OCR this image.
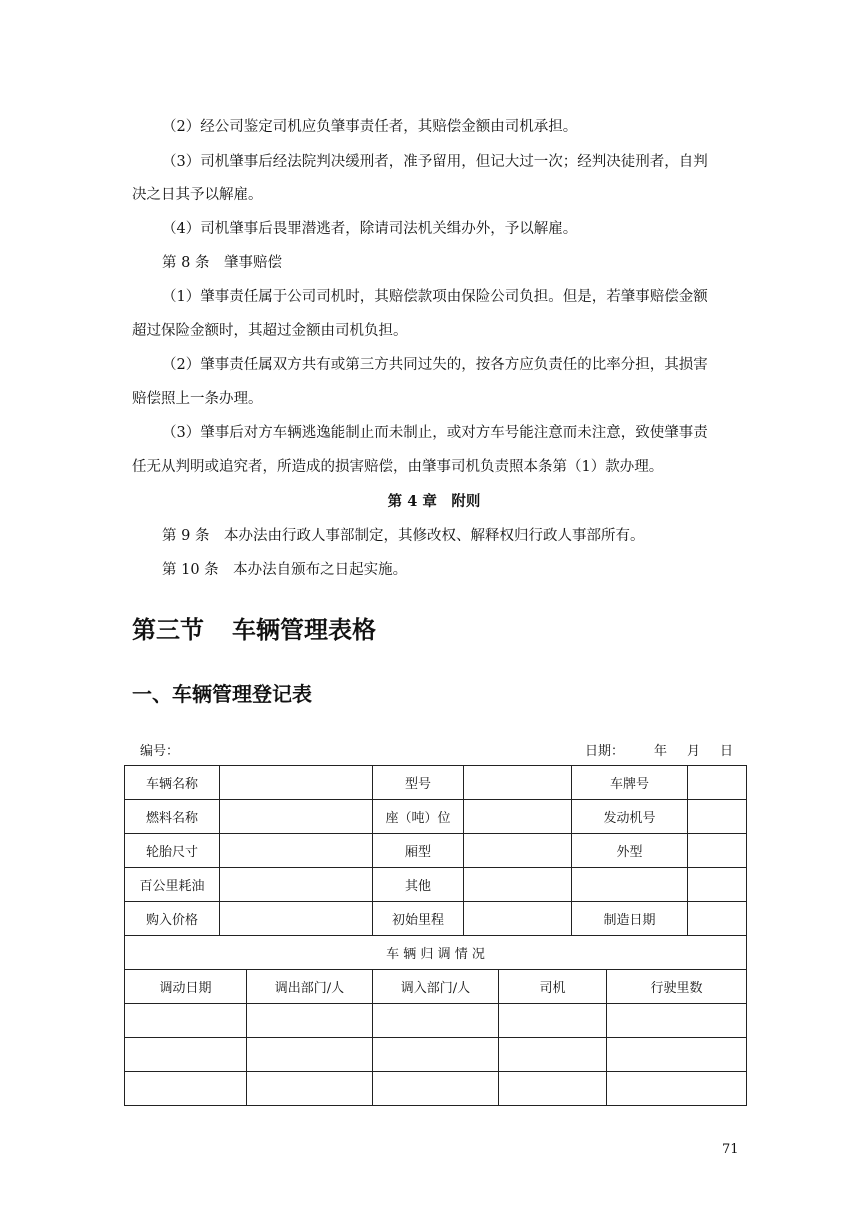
（2）经公司鉴定司机应负肇事责任者，其赔偿金额由司机承担。
（3）司机肇事后经法院判决缓刑者，准予留用，但记大过一次；经判决徒刑者，自判
决之日其予以解雇。
（4）司机肇事后畏罪潜逃者，除请司法机关缉办外，予以解雇。
第 8 条　肇事赔偿
（1）肇事责任属于公司司机时，其赔偿款项由保险公司负担。但是，若肇事赔偿金额
超过保险金额时，其超过金额由司机负担。
（2）肇事责任属双方共有或第三方共同过失的，按各方应负责任的比率分担，其损害
赔偿照上一条办理。
（3）肇事后对方车辆逃逸能制止而未制止，或对方车号能注意而未注意，致使肇事责
任无从判明或追究者，所造成的损害赔偿，由肇事司机负责照本条第（1）款办理。
第 4 章　附则
第 9 条　本办法由行政人事部制定，其修改权、解释权归行政人事部所有。
第 10 条　本办法自颁布之日起实施。
第三节 车辆管理表格
一、车辆管理登记表
编号：	日期： 年 月 日
车辆名称			型号			车牌号		
燃料名称			座（吨）位			发动机号		
轮胎尺寸			厢型			外型		
百公里耗油			其他					
购入价格			初始里程			制造日期		
车 辆 归 调 情 况								
调动日期		调出部门/人	调入部门/人		司机		行驶里数	

71
